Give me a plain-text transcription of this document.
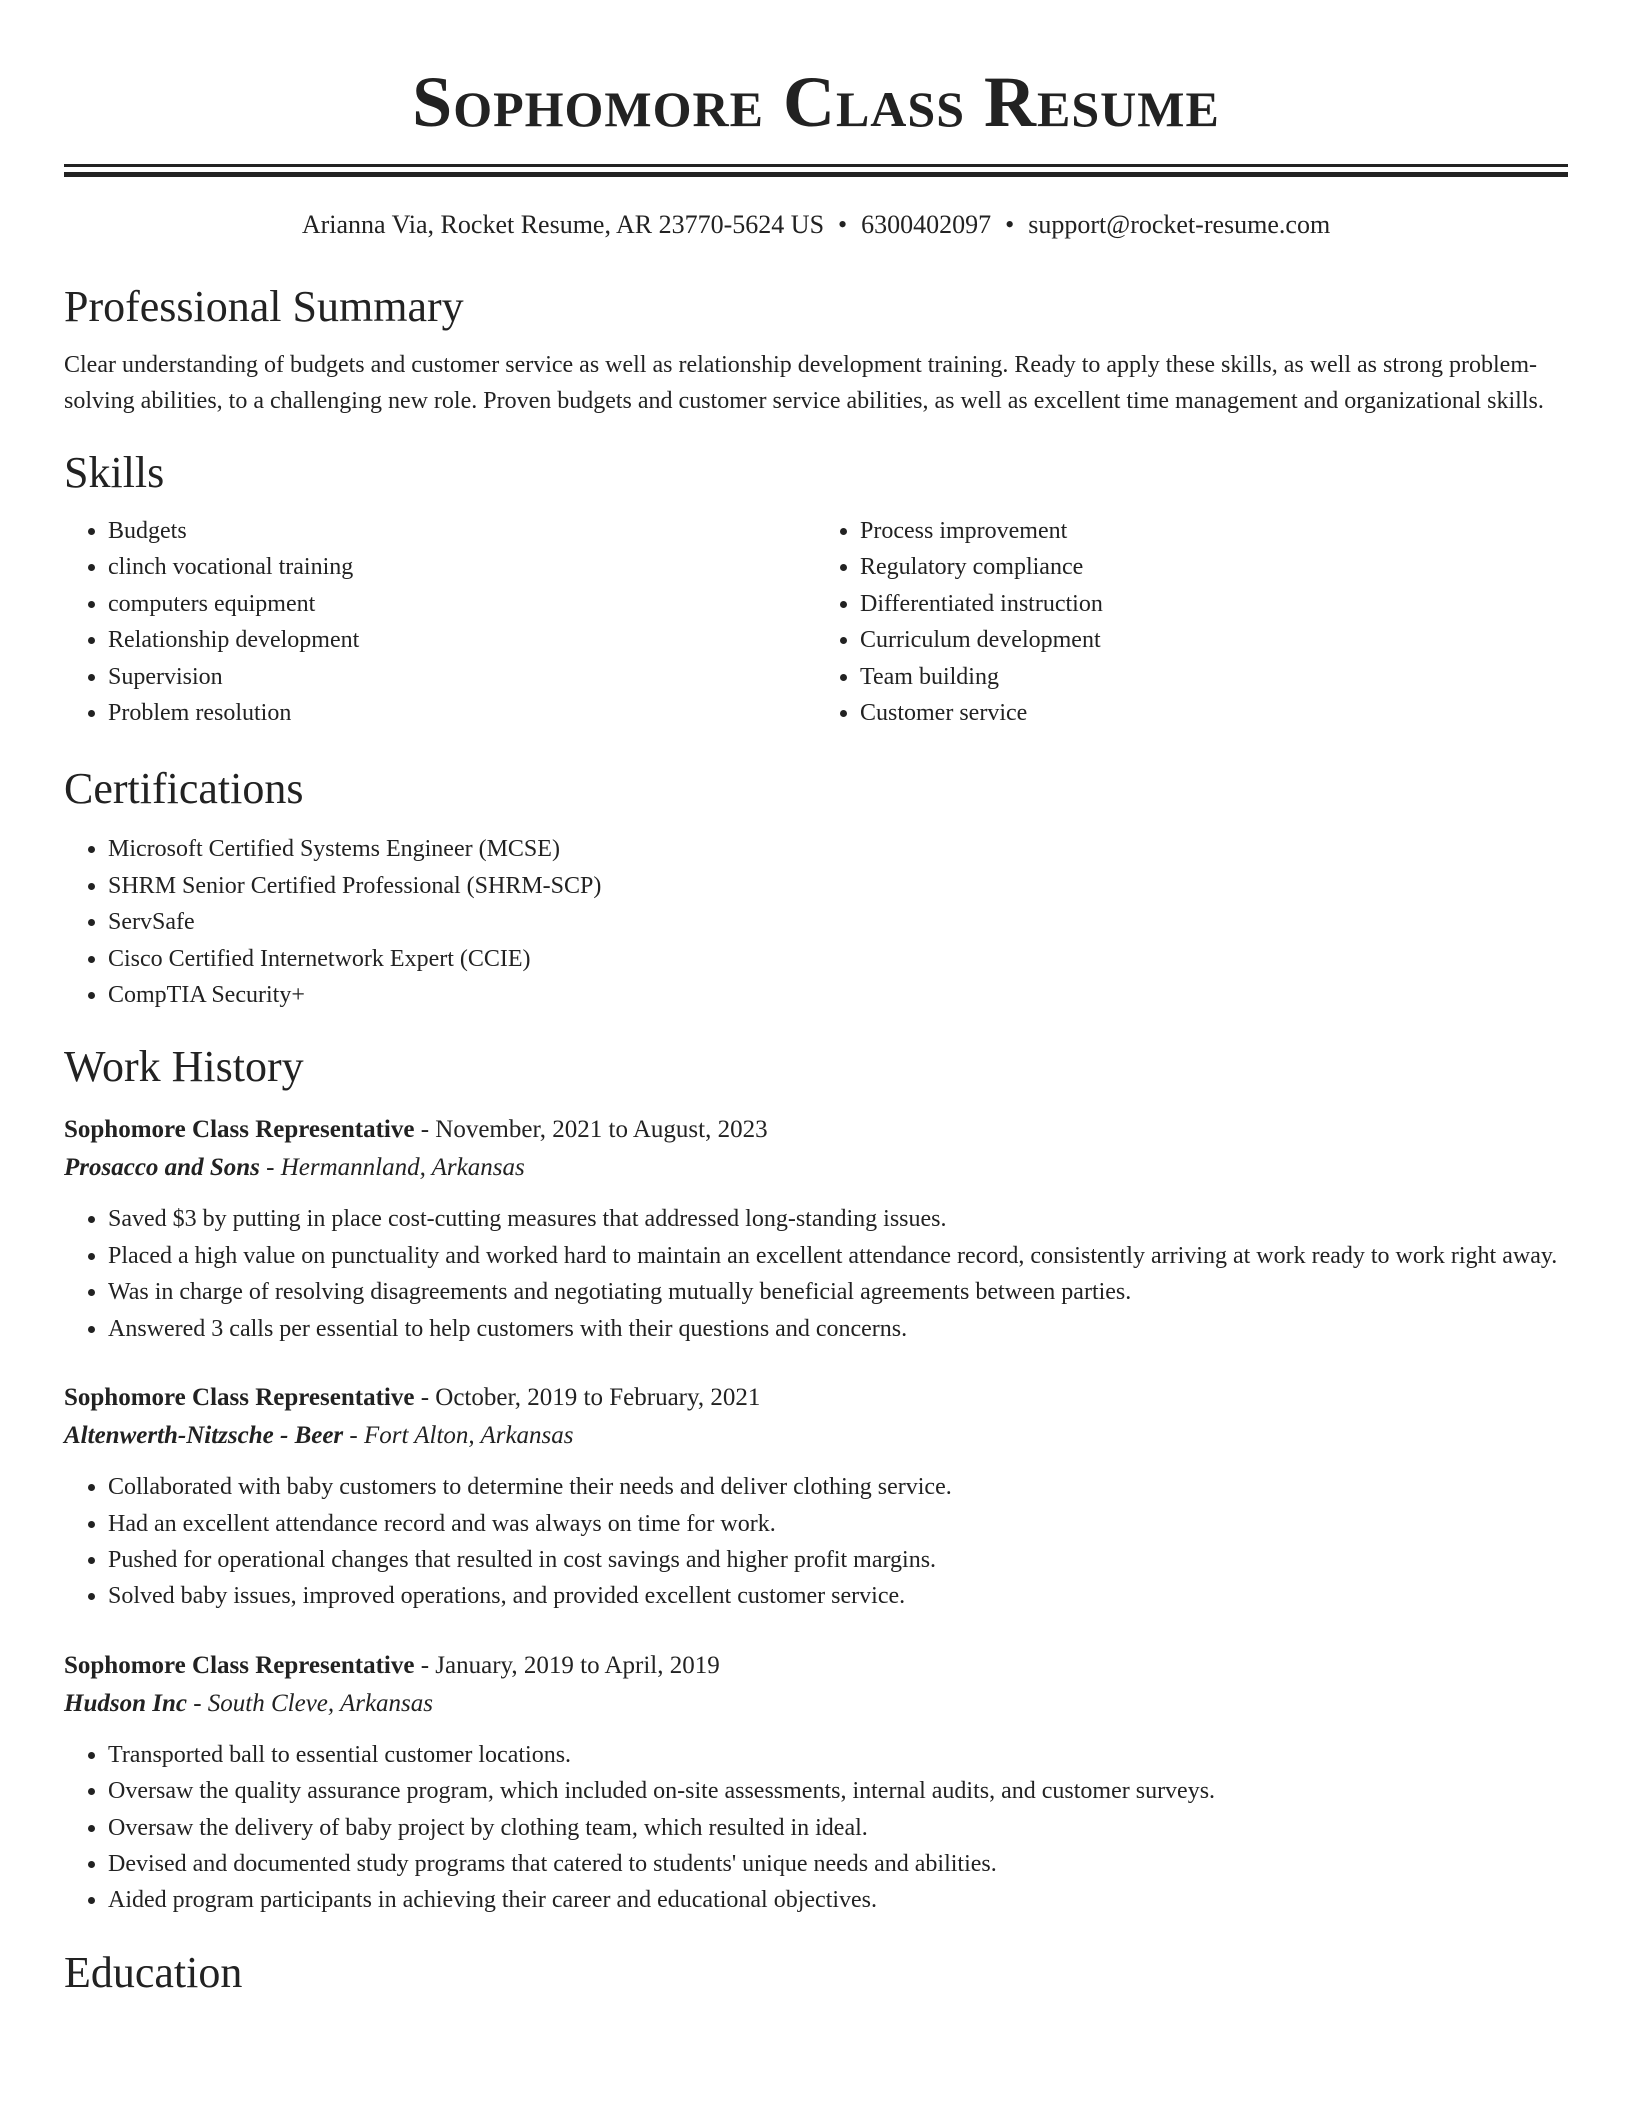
Sophomore Class Resume
Arianna Via, Rocket Resume, AR 23770-5624 US • 6300402097 • support@rocket-resume.com
Professional Summary

Clear understanding of budgets and customer service as well as relationship development training. Ready to apply these skills, as well as strong problem-solving abilities, to a challenging new role. Proven budgets and customer service abilities, as well as excellent time management and organizational skills.

Skills
• Budgets
• clinch vocational training
• computers equipment
• Relationship development
• Supervision
• Problem resolution
• Process improvement
• Regulatory compliance
• Differentiated instruction
• Curriculum development
• Team building
• Customer service
Certifications
• Microsoft Certified Systems Engineer (MCSE)
• SHRM Senior Certified Professional (SHRM-SCP)
• ServSafe
• Cisco Certified Internetwork Expert (CCIE)
• CompTIA Security+
Work History
Sophomore Class Representative - November, 2021 to August, 2023
Prosacco and Sons - Hermannland, Arkansas
• Saved $3 by putting in place cost-cutting measures that addressed long-standing issues.
• Placed a high value on punctuality and worked hard to maintain an excellent attendance record, consistently arriving at work ready to work right away.
• Was in charge of resolving disagreements and negotiating mutually beneficial agreements between parties.
• Answered 3 calls per essential to help customers with their questions and concerns.
Sophomore Class Representative - October, 2019 to February, 2021
Altenwerth-Nitzsche - Beer - Fort Alton, Arkansas
• Collaborated with baby customers to determine their needs and deliver clothing service.
• Had an excellent attendance record and was always on time for work.
• Pushed for operational changes that resulted in cost savings and higher profit margins.
• Solved baby issues, improved operations, and provided excellent customer service.
Sophomore Class Representative - January, 2019 to April, 2019
Hudson Inc - South Cleve, Arkansas
• Transported ball to essential customer locations.
• Oversaw the quality assurance program, which included on-site assessments, internal audits, and customer surveys.
• Oversaw the delivery of baby project by clothing team, which resulted in ideal.
• Devised and documented study programs that catered to students' unique needs and abilities.
• Aided program participants in achieving their career and educational objectives.
Education
